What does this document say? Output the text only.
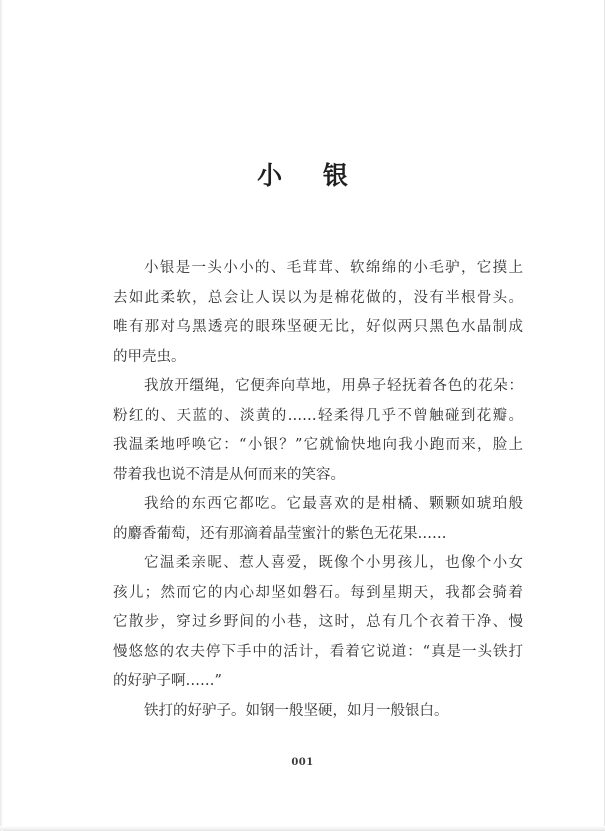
小 银
小银是一头小小的、毛茸茸、软绵绵的小毛驴，它摸上
去如此柔软，总会让人误以为是棉花做的，没有半根骨头。
唯有那对乌黑透亮的眼珠坚硬无比，好似两只黑色水晶制成
的甲壳虫。
我放开缰绳，它便奔向草地，用鼻子轻抚着各色的花朵：
粉红的、天蓝的、淡黄的……轻柔得几乎不曾触碰到花瓣。
我温柔地呼唤它：“小银？”它就愉快地向我小跑而来，脸上
带着我也说不清是从何而来的笑容。
我给的东西它都吃。它最喜欢的是柑橘、颗颗如琥珀般
的麝香葡萄，还有那滴着晶莹蜜汁的紫色无花果……
它温柔亲昵、惹人喜爱，既像个小男孩儿，也像个小女
孩儿；然而它的内心却坚如磐石。每到星期天，我都会骑着
它散步，穿过乡野间的小巷，这时，总有几个衣着干净、慢
慢悠悠的农夫停下手中的活计，看着它说道：“真是一头铁打
的好驴子啊……”
铁打的好驴子。如钢一般坚硬，如月一般银白。
001
